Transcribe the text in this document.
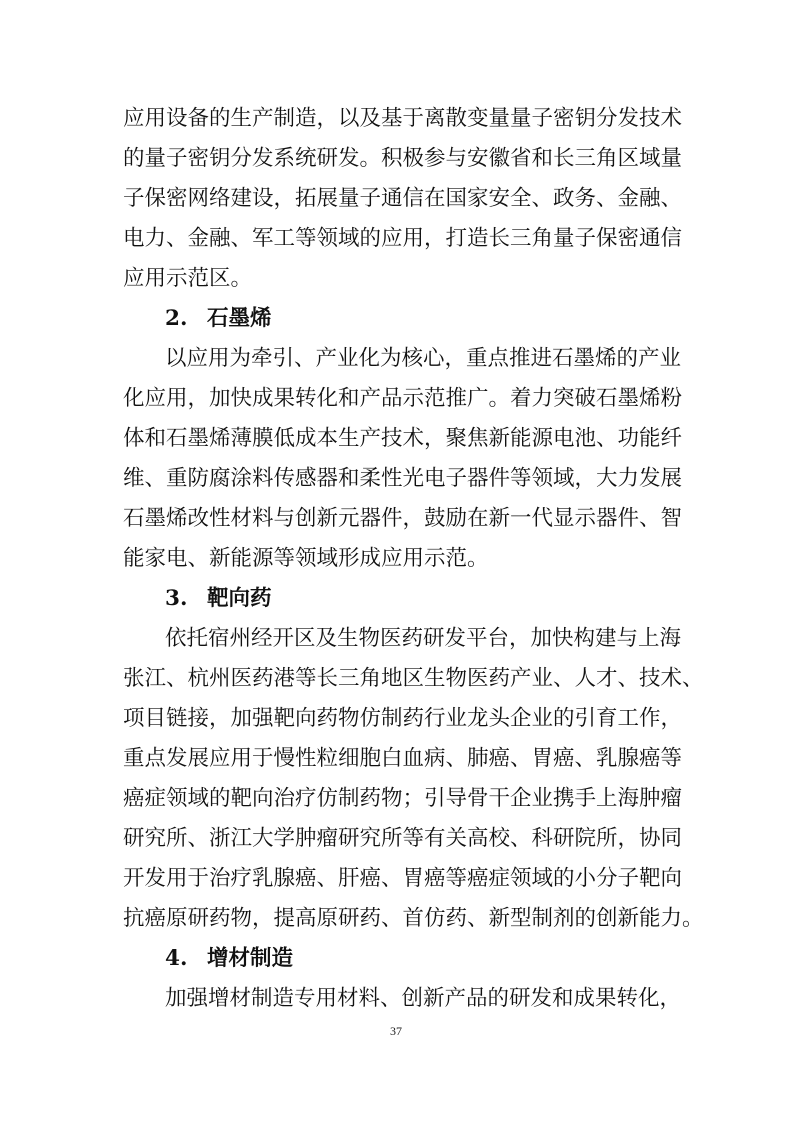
应用设备的生产制造，以及基于离散变量量子密钥分发技术
的量子密钥分发系统研发。积极参与安徽省和长三角区域量
子保密网络建设，拓展量子通信在国家安全、政务、金融、
电力、金融、军工等领域的应用，打造长三角量子保密通信
应用示范区。
2. 石墨烯
以应用为牵引、产业化为核心，重点推进石墨烯的产业
化应用，加快成果转化和产品示范推广。着力突破石墨烯粉
体和石墨烯薄膜低成本生产技术，聚焦新能源电池、功能纤
维、重防腐涂料传感器和柔性光电子器件等领域，大力发展
石墨烯改性材料与创新元器件，鼓励在新一代显示器件、智
能家电、新能源等领域形成应用示范。
3. 靶向药
依托宿州经开区及生物医药研发平台，加快构建与上海
张江、杭州医药港等长三角地区生物医药产业、人才、技术、
项目链接，加强靶向药物仿制药行业龙头企业的引育工作，
重点发展应用于慢性粒细胞白血病、肺癌、胃癌、乳腺癌等
癌症领域的靶向治疗仿制药物；引导骨干企业携手上海肿瘤
研究所、浙江大学肿瘤研究所等有关高校、科研院所，协同
开发用于治疗乳腺癌、肝癌、胃癌等癌症领域的小分子靶向
抗癌原研药物，提高原研药、首仿药、新型制剂的创新能力。
4. 增材制造
加强增材制造专用材料、创新产品的研发和成果转化，
37
